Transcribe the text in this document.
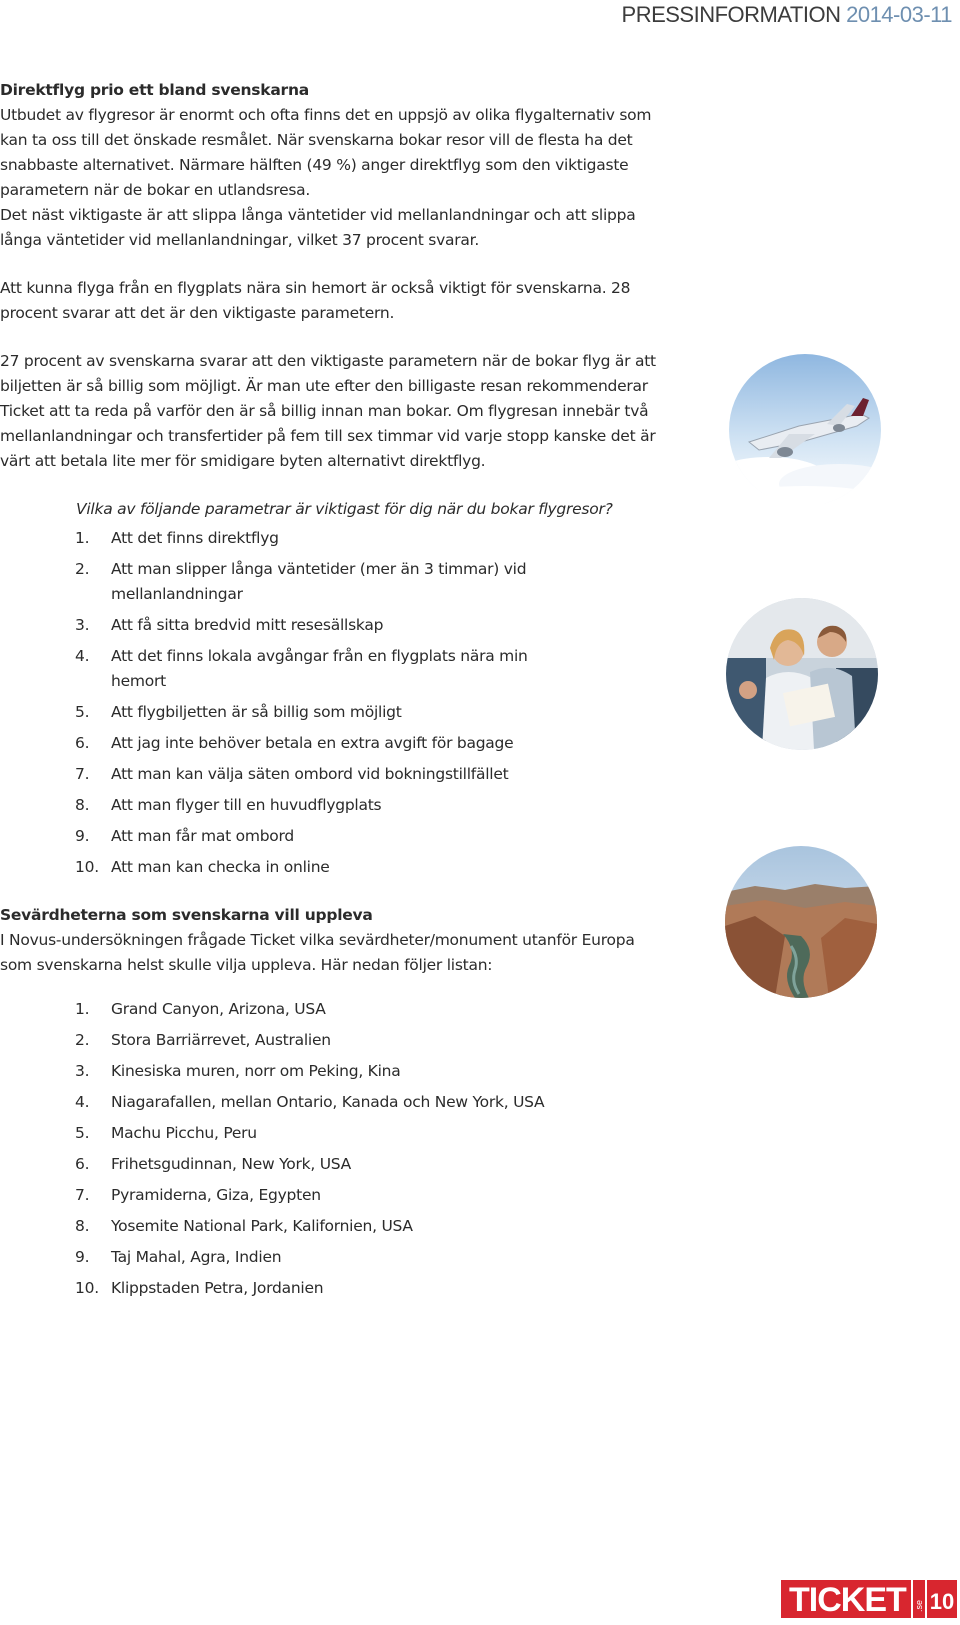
PRESSINFORMATION 2014-03-11

Direktflyg prio ett bland svenskarna

Utbudet av flygresor är enormt och ofta finns det en uppsjö av olika flygalternativ som kan ta oss till det önskade resmålet. När svenskarna bokar resor vill de flesta ha det snabbaste alternativet. Närmare hälften (49 %) anger direktflyg som den viktigaste parametern när de bokar en utlandsresa.

Det näst viktigaste är att slippa långa väntetider vid mellanlandningar och att slippa långa väntetider vid mellanlandningar, vilket 37 procent svarar.

Att kunna flyga från en flygplats nära sin hemort är också viktigt för svenskarna. 28 procent svarar att det är den viktigaste parametern.

27 procent av svenskarna svarar att den viktigaste parametern när de bokar flyg är att biljetten är så billig som möjligt. Är man ute efter den billigaste resan rekommenderar Ticket att ta reda på varför den är så billig innan man bokar. Om flygresan innebär två mellanlandningar och transfertider på fem till sex timmar vid varje stopp kanske det är värt att betala lite mer för smidigare byten alternativt direktflyg.

Vilka av följande parametrar är viktigast för dig när du bokar flygresor?

1.	Att det finns direktflyg
2.	Att man slipper långa väntetider (mer än 3 timmar) vid mellanlandningar
3.	Att få sitta bredvid mitt resesällskap
4.	Att det finns lokala avgångar från en flygplats nära min hemort
5.	Att flygbiljetten är så billig som möjligt
6.	Att jag inte behöver betala en extra avgift för bagage
7.	Att man kan välja säten ombord vid bokningstillfället
8.	Att man flyger till en huvudflygplats
9.	Att man får mat ombord
10. Att man kan checka in online

Sevärdheterna som svenskarna vill uppleva

I Novus-undersökningen frågade Ticket vilka sevärdheter/monument utanför Europa som svenskarna helst skulle vilja uppleva. Här nedan följer listan:

1.	Grand Canyon, Arizona, USA
2.	Stora Barriärrevet, Australien
3.	Kinesiska muren, norr om Peking, Kina
4.	Niagarafallen, mellan Ontario, Kanada och New York, USA
5.	Machu Picchu, Peru
6.	Frihetsgudinnan, New York, USA
7.	Pyramiderna, Giza, Egypten
8.	Yosemite National Park, Kalifornien, USA
9.	Taj Mahal, Agra, Indien
10. Klippstaden Petra, Jordanien
TICKET .se 10
